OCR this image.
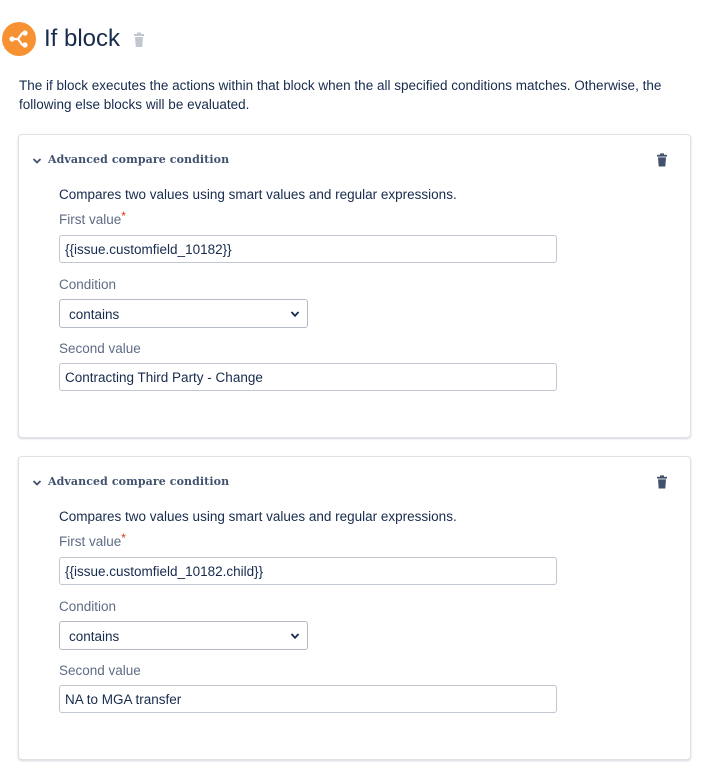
If block
The if block executes the actions within that block when the all specified conditions matches. Otherwise, the following else blocks will be evaluated.
Advanced compare condition
Compares two values using smart values and regular expressions.
First value*
{{issue.customfield_10182}}
Condition
contains
Second value
Contracting Third Party - Change
Advanced compare condition
Compares two values using smart values and regular expressions.
First value*
{{issue.customfield_10182.child}}
Condition
contains
Second value
NA to MGA transfer
